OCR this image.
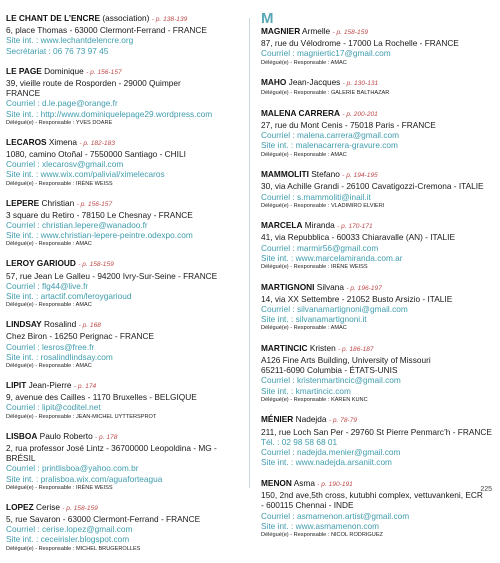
LE CHANT DE L’ENCRE (association) - p. 138-139
6, place Thomas - 63000 Clermont-Ferrand - FRANCE
Site int. : www.lechantdelencre.org
Secrétariat : 06 76 73 97 45
LE PAGE Dominique - p. 156-157
39, vieille route de Rosporden - 29000 Quimper
FRANCE
Courriel : d.le.page@orange.fr
Site int. : http://www.dominiquelepage29.wordpress.com
Délégué(e) - Responsable : YVES DOARE
LECAROS Ximena - p. 182-183
1080, camino Otoñal - 7550000 Santiago - CHILI
Courriel : xlecarosv@gmail.com
Site int. : www.wix.com/palivial/ximelecaros
Délégué(e) - Responsable : IRÈNE WEISS
LEPERE Christian - p. 156-157
3 square du Retiro - 78150 Le Chesnay - FRANCE
Courriel : christian.lepere@wanadoo.fr
Site int. : www.christian-lepere-peintre.odexpo.com
Délégué(e) - Responsable : AMAC
LEROY GARIOUD - p. 158-159
57, rue Jean Le Galleu - 94200 Ivry-Sur-Seine - FRANCE
Courriel : flg44@live.fr
Site int. : artactif.com/leroygarioud
Délégué(e) - Responsable : AMAC
LINDSAY Rosalind - p. 168
Chez Biron - 16250 Perignac - FRANCE
Courriel : lesros@free.fr
Site int. : rosalindlindsay.com
Délégué(e) - Responsable : AMAC
LIPIT Jean-Pierre - p. 174
9, avenue des Cailles - 1170 Bruxelles - BELGIQUE
Courriel : lipit@coditel.net
Délégué(e) - Responsable : JEAN-MICHEL UYTTERSPROT
LISBOA Paulo Roberto - p. 178
2, rua professor José Lintz - 36700000 Leopoldina - MG -
BRÉSIL
Courriel : printlisboa@yahoo.com.br
Site int. : pralisboa.wix.com/aguaforteagua
Délégué(e) - Responsable : IRÈNE WEISS
LOPEZ Cerise - p. 158-159
5, rue Savaron - 63000 Clermont-Ferrand - FRANCE
Courriel : cerise.lopez@gmail.com
Site int. : ceceirisler.blogspot.com
Délégué(e) - Responsable : MICHEL BRUGEROLLES
M
MAGNIER Armelle - p. 158-159
87, rue du Vélodrome - 17000 La Rochelle - FRANCE
Courriel : magniertic17@gmail.com
Délégué(e) - Responsable : AMAC
MAHO Jean-Jacques - p. 130-131
Délégué(e) - Responsable : GALERIE BALTHAZAR
MALENA CARRERA - p. 200-201
27, rue du Mont Cenis - 75018 Paris - FRANCE
Courriel : malena.carrera@gmail.com
Site int. : malenacarrera-gravure.com
Délégué(e) - Responsable : AMAC
MAMMOLITI Stefano - p. 194-195
30, via Achille Grandi - 26100 Cavatigozzi-Cremona - ITALIE
Courriel : s.mammoliti@inail.it
Délégué(e) - Responsable : VLADIMIRO ELVIERI
MARCELA Miranda - p. 170-171
41, via Repubblica - 60033 Chiaravalle (AN) - ITALIE
Courriel : marmir56@gmail.com
Site int. : www.marcelamiranda.com.ar
Délégué(e) - Responsable : IRÈNE WEISS
MARTIGNONI Silvana - p. 196-197
14, via XX Settembre - 21052 Busto Arsizio - ITALIE
Courriel : silvanamartignoni@gmail.com
Site int. : silvanamartignoni.it
Délégué(e) - Responsable : AMAC
MARTINCIC Kristen - p. 186-187
A126 Fine Arts Building, University of Missouri
65211-6090 Columbia - ÉTATS-UNIS
Courriel : kristenmartincic@gmail.com
Site int. : kmartincic.com
Délégué(e) - Responsable : KAREN KUNC
MÉNIER Nadejda - p. 78-79
211, rue Loch San Per - 29760 St Pierre Penmarc’h - FRANCE
Tél. : 02 98 58 68 01
Courriel : nadejda.menier@gmail.com
Site int. : www.nadejda.arsaniit.com
MENON Asma - p. 190-191
150, 2nd ave,5th cross, kutubhi complex, vettuvankeni, ECR
- 600115 Chennai - INDE
Courriel : asmamenon.artist@gmail.com
Site int. : www.asmamenon.com
Délégué(e) - Responsable : NICOL RODRIGUEZ
225
